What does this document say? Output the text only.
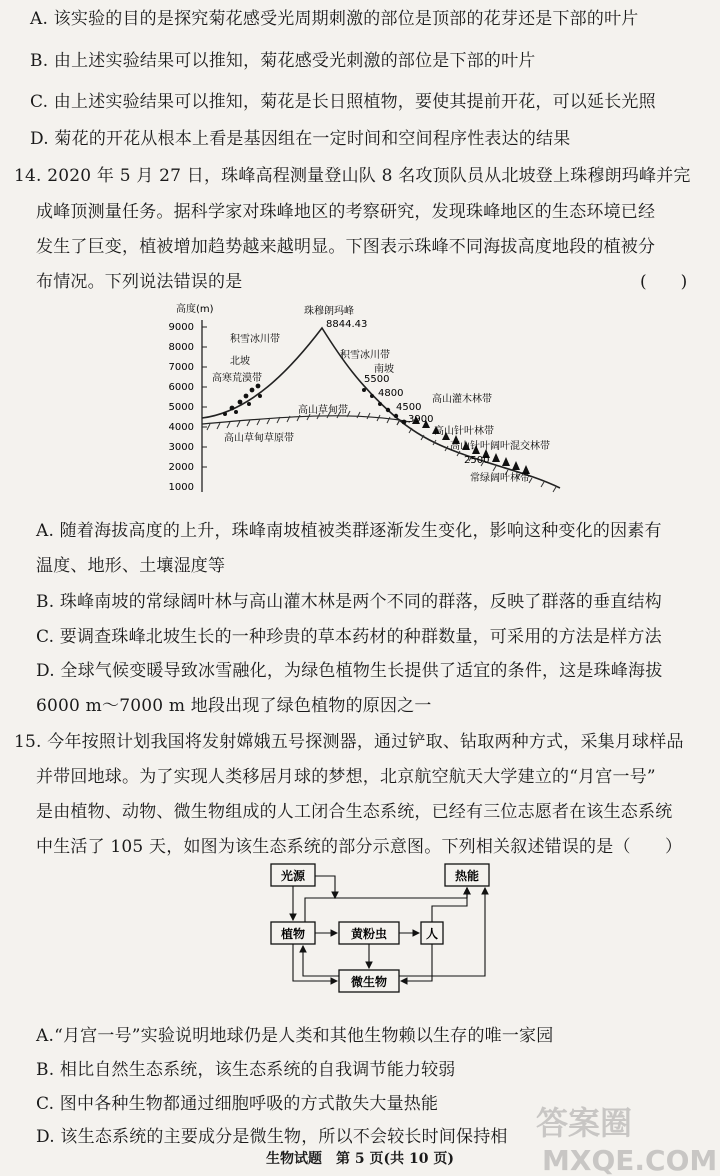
A. 该实验的目的是探究菊花感受光周期刺激的部位是顶部的花芽还是下部的叶片
B. 由上述实验结果可以推知，菊花感受光刺激的部位是下部的叶片
C. 由上述实验结果可以推知，菊花是长日照植物，要使其提前开花，可以延长光照
D. 菊花的开花从根本上看是基因组在一定时间和空间程序性表达的结果
14. 2020 年 5 月 27 日，珠峰高程测量登山队 8 名攻顶队员从北坡登上珠穆朗玛峰并完
成峰顶测量任务。据科学家对珠峰地区的考察研究，发现珠峰地区的生态环境已经
发生了巨变，植被增加趋势越来越明显。下图表示珠峰不同海拔高度地段的植被分
布情况。下列说法错误的是	(　　)
高度(m)
9000
8000
7000
6000
5000
4000
3000
2000
1000
珠穆朗玛峰
8844.43
积雪冰川带
北坡
高寒荒漠带
高山草甸带
高山草甸草原带
积雪冰川带
南坡
5500
4800
4500
3900
2500
高山灌木林带
高山针叶林带
高山针叶阔叶混交林带
常绿阔叶林带
A. 随着海拔高度的上升，珠峰南坡植被类群逐渐发生变化，影响这种变化的因素有
温度、地形、土壤湿度等
B. 珠峰南坡的常绿阔叶林与高山灌木林是两个不同的群落，反映了群落的垂直结构
C. 要调查珠峰北坡生长的一种珍贵的草本药材的种群数量，可采用的方法是样方法
D. 全球气候变暖导致冰雪融化，为绿色植物生长提供了适宜的条件，这是珠峰海拔
6000 m～7000 m 地段出现了绿色植物的原因之一
15. 今年按照计划我国将发射嫦娥五号探测器，通过铲取、钻取两种方式，采集月球样品
并带回地球。为了实现人类移居月球的梦想，北京航空航天大学建立的“月宫一号”
是由植物、动物、微生物组成的人工闭合生态系统，已经有三位志愿者在该生态系统
中生活了 105 天，如图为该生态系统的部分示意图。下列相关叙述错误的是（　　）
光源	热能
植物	黄粉虫	人
微生物
A.“月宫一号”实验说明地球仍是人类和其他生物赖以生存的唯一家园
B. 相比自然生态系统，该生态系统的自我调节能力较弱
C. 图中各种生物都通过细胞呼吸的方式散失大量热能
D. 该生态系统的主要成分是微生物，所以不会较长时间保持相 答案圈
MXQE.COM
生物试题　第 5 页(共 10 页)
